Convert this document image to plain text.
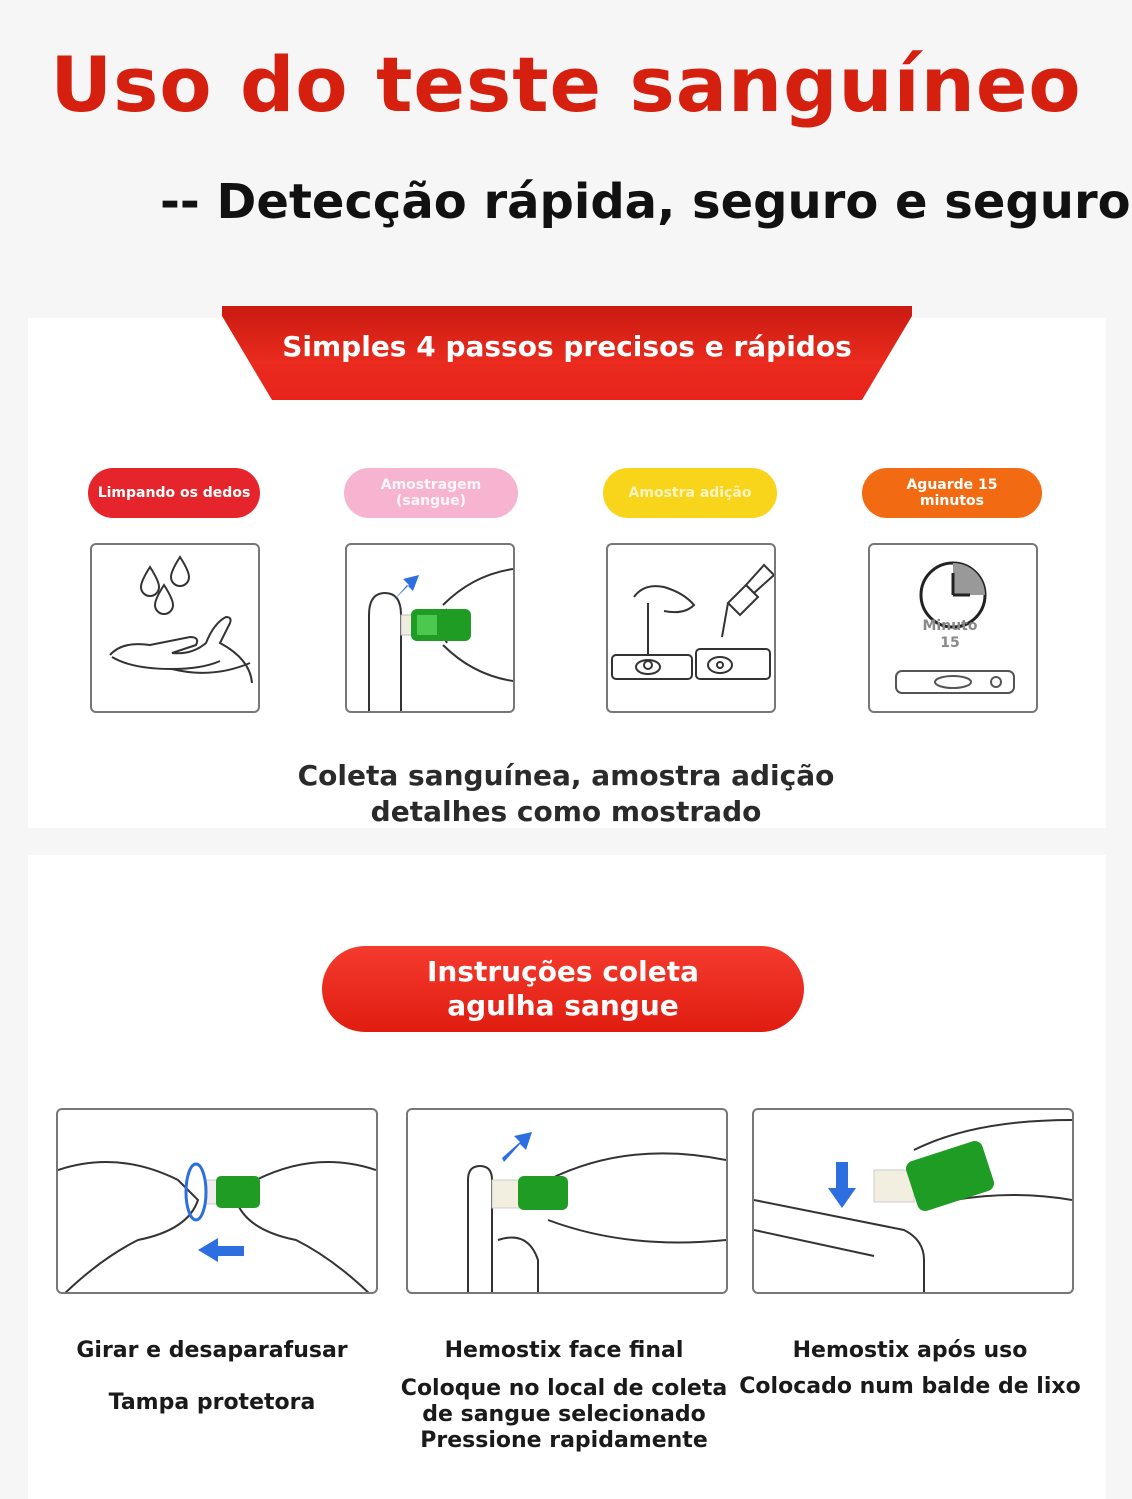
Uso do teste sanguíneo
-- Detecção rápida, seguro e seguro
Simples 4 passos precisos e rápidos
Limpando os dedos	Amostragem (sangue)	Amostra adição	Aguarde 15 minutos
Minuto
15
Coleta sanguínea, amostra adição
detalhes como mostrado
Instruções coleta agulha sangue
Girar e desaparafusar
Tampa protetora
Hemostix face final
Coloque no local de coleta de sangue selecionado Pressione rapidamente
Hemostix após uso
Colocado num balde de lixo
